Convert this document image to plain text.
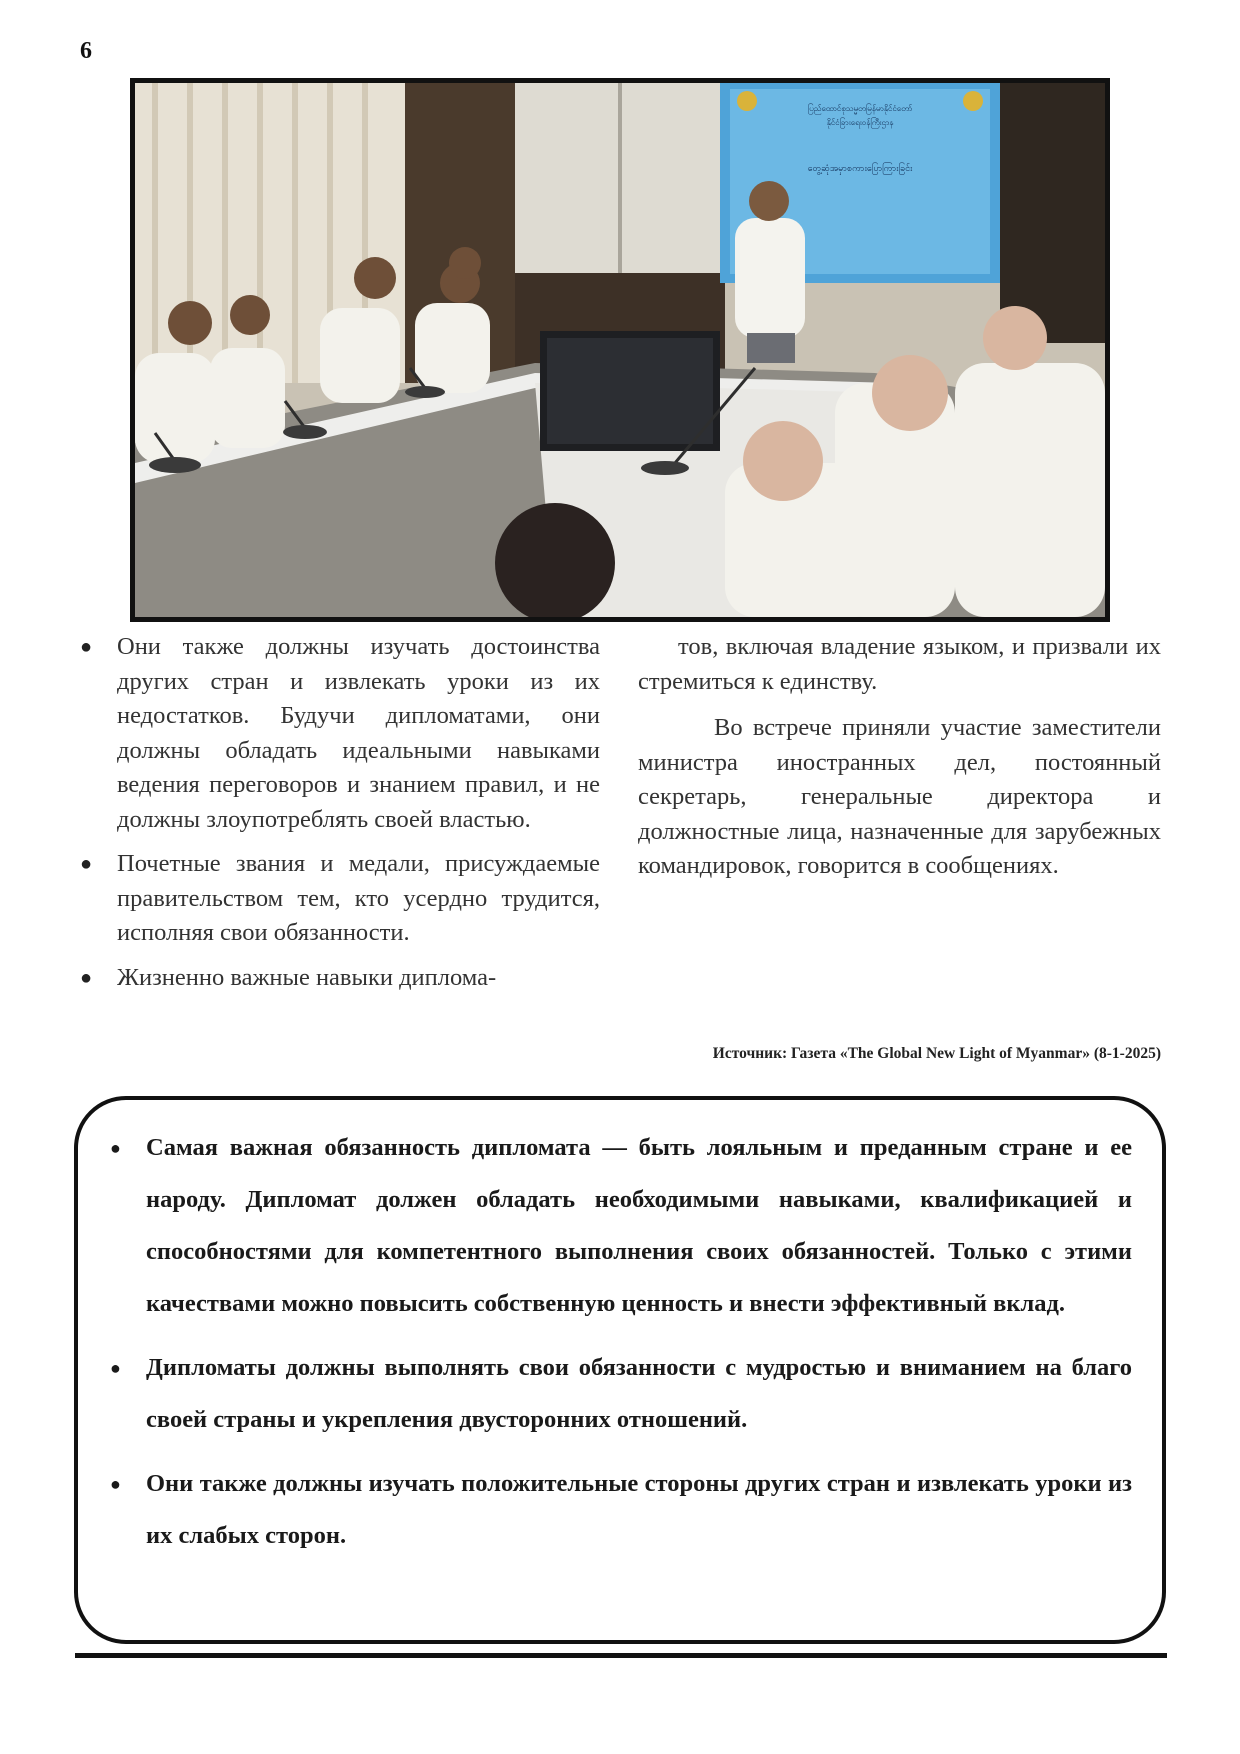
6
ပြည်ထောင်စုသမ္မတမြန်မာနိုင်ငံတော်
နိုင်ငံခြားရေးဝန်ကြီးဌာန
တွေ့ဆုံအမှာစကားပြောကြားခြင်း
● Они также должны изучать достоинства других стран и извлекать уроки из их недостатков. Будучи дипломатами, они должны обладать идеальными навыками ведения переговоров и знанием правил, и не должны злоупотреблять своей властью.
● Почетные звания и медали, присуждаемые правительством тем, кто усердно трудится, исполняя свои обязанности.
● Жизненно важные навыки диплома-

тов, включая владение языком, и призвали их стремиться к единству.

Во встрече приняли участие заместители министра иностранных дел, постоянный секретарь, генеральные директора и должностные лица, назначенные для зарубежных командировок, говорится в сообщениях.

Источник: Газета «The Global New Light of Myanmar» (8-1-2025)
● Самая важная обязанность дипломата — быть лояльным и преданным стране и ее народу. Дипломат должен обладать необходимыми навыками, квалификацией и способностями для компетентного выполнения своих обязанностей. Только с этими качествами можно повысить собственную ценность и внести эффективный вклад.
● Дипломаты должны выполнять свои обязанности с мудростью и вниманием на благо своей страны и укрепления двусторонних отношений.
● Они также должны изучать положительные стороны других стран и извлекать уроки из их слабых сторон.
